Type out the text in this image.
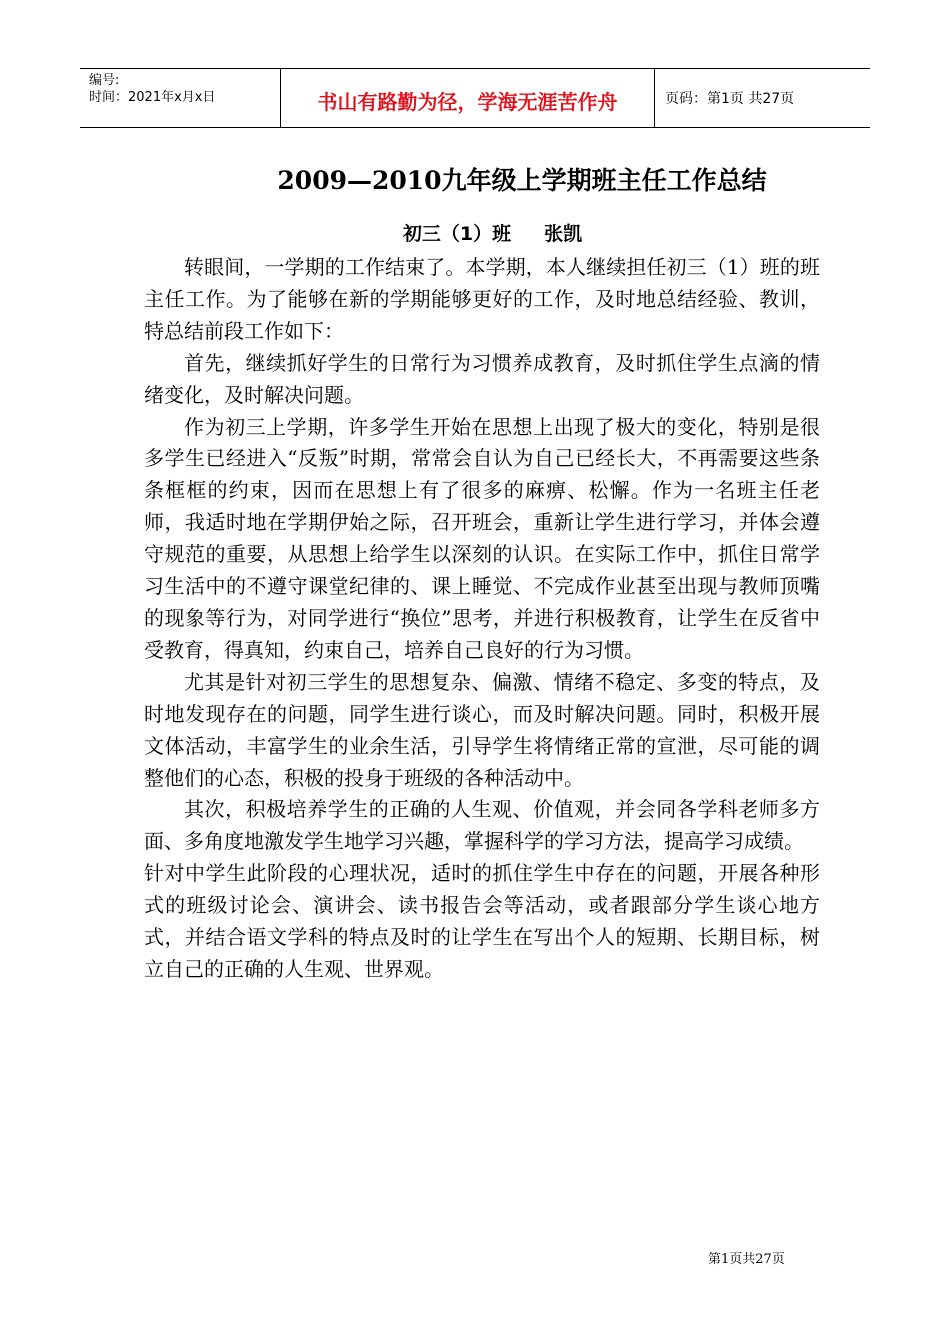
编号:
时间：2021年x月x日	书山有路勤为径，学海无涯苦作舟	页码：第1页 共27页
2009—2010九年级上学期班主任工作总结
初三（1）班     张凯

转眼间，一学期的工作结束了。本学期，本人继续担任初三（1）班的班主任工作。为了能够在新的学期能够更好的工作，及时地总结经验、教训，特总结前段工作如下：

首先，继续抓好学生的日常行为习惯养成教育，及时抓住学生点滴的情绪变化，及时解决问题。

作为初三上学期，许多学生开始在思想上出现了极大的变化，特别是很多学生已经进入“反叛”时期，常常会自认为自己已经长大，不再需要这些条条框框的约束，因而在思想上有了很多的麻痹、松懈。作为一名班主任老师，我适时地在学期伊始之际，召开班会，重新让学生进行学习，并体会遵守规范的重要，从思想上给学生以深刻的认识。在实际工作中，抓住日常学习生活中的不遵守课堂纪律的、课上睡觉、不完成作业甚至出现与教师顶嘴的现象等行为，对同学进行“换位”思考，并进行积极教育，让学生在反省中受教育，得真知，约束自己，培养自己良好的行为习惯。

尤其是针对初三学生的思想复杂、偏激、情绪不稳定、多变的特点，及时地发现存在的问题，同学生进行谈心，而及时解决问题。同时，积极开展文体活动，丰富学生的业余生活，引导学生将情绪正常的宣泄，尽可能的调整他们的心态，积极的投身于班级的各种活动中。

其次，积极培养学生的正确的人生观、价值观，并会同各学科老师多方面、多角度地激发学生地学习兴趣，掌握科学的学习方法，提高学习成绩。

针对中学生此阶段的心理状况，适时的抓住学生中存在的问题，开展各种形式的班级讨论会、演讲会、读书报告会等活动，或者跟部分学生谈心地方式，并结合语文学科的特点及时的让学生在写出个人的短期、长期目标，树立自己的正确的人生观、世界观。

第1页共27页
